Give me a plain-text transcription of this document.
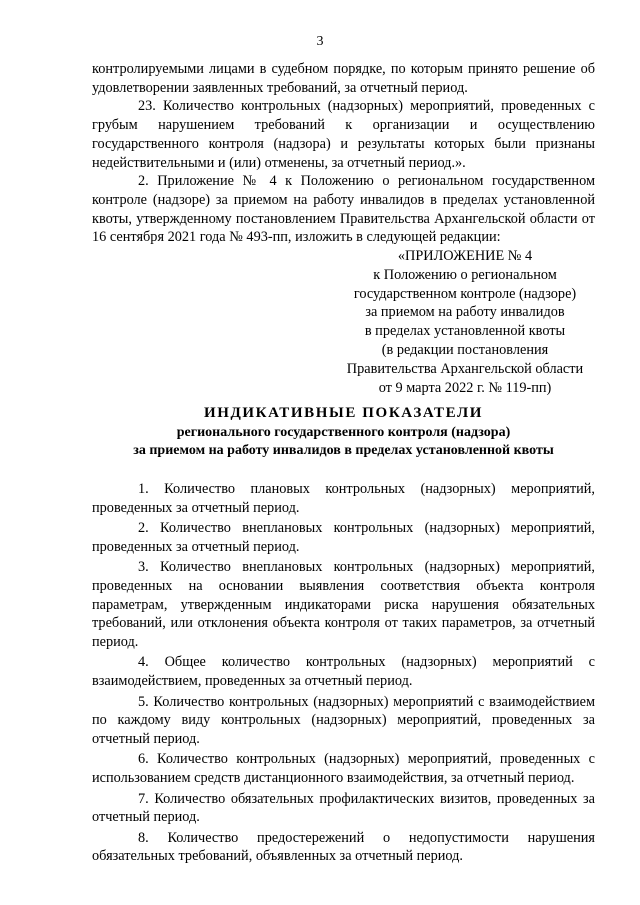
3

контролируемыми лицами в судебном порядке, по которым принято решение об удовлетворении заявленных требований, за отчетный период.

23. Количество контрольных (надзорных) мероприятий, проведенных с грубым нарушением требований к организации и осуществлению государственного контроля (надзора) и результаты которых были признаны недействительными и (или) отменены, за отчетный период.».

2. Приложение № 4 к Положению о региональном государственном контроле (надзоре) за приемом на работу инвалидов в пределах установленной квоты, утвержденному постановлением Правительства Архангельской области от 16 сентября 2021 года № 493-пп, изложить в следующей редакции:

«ПРИЛОЖЕНИЕ № 4
к Положению о региональном
государственном контроле (надзоре)
за приемом на работу инвалидов
в пределах установленной квоты
(в редакции постановления
Правительства Архангельской области
от 9 марта 2022 г. № 119-пп)
ИНДИКАТИВНЫЕ ПОКАЗАТЕЛИ
регионального государственного контроля (надзора)
за приемом на работу инвалидов в пределах установленной квоты

1. Количество плановых контрольных (надзорных) мероприятий, проведенных за отчетный период.

2. Количество внеплановых контрольных (надзорных) мероприятий, проведенных за отчетный период.

3. Количество внеплановых контрольных (надзорных) мероприятий, проведенных на основании выявления соответствия объекта контроля параметрам, утвержденным индикаторами риска нарушения обязательных требований, или отклонения объекта контроля от таких параметров, за отчетный период.

4. Общее количество контрольных (надзорных) мероприятий с взаимодействием, проведенных за отчетный период.

5. Количество контрольных (надзорных) мероприятий с взаимодействием по каждому виду контрольных (надзорных) мероприятий, проведенных за отчетный период.

6. Количество контрольных (надзорных) мероприятий, проведенных с использованием средств дистанционного взаимодействия, за отчетный период.

7. Количество обязательных профилактических визитов, проведенных за отчетный период.

8. Количество предостережений о недопустимости нарушения обязательных требований, объявленных за отчетный период.
